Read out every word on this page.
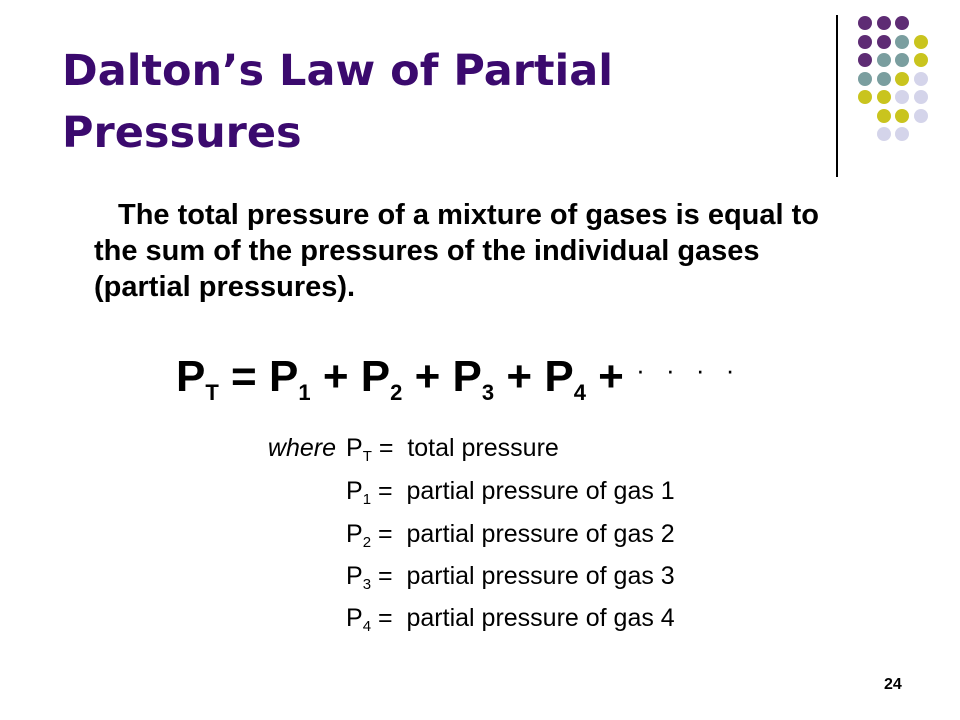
Dalton’s Law of Partial Pressures
The total pressure of a mixture of gases is equal to the sum of the pressures of the individual gases (partial pressures).
$P_T = P_1 + P_2 + P_3 + P_4 + ^{\cdot \cdot \cdot \cdot}$
where $P_T$ = total pressure
$P_1$ = partial pressure of gas 1
$P_2$ = partial pressure of gas 2
$P_3$ = partial pressure of gas 3
$P_4$ = partial pressure of gas 4
24
